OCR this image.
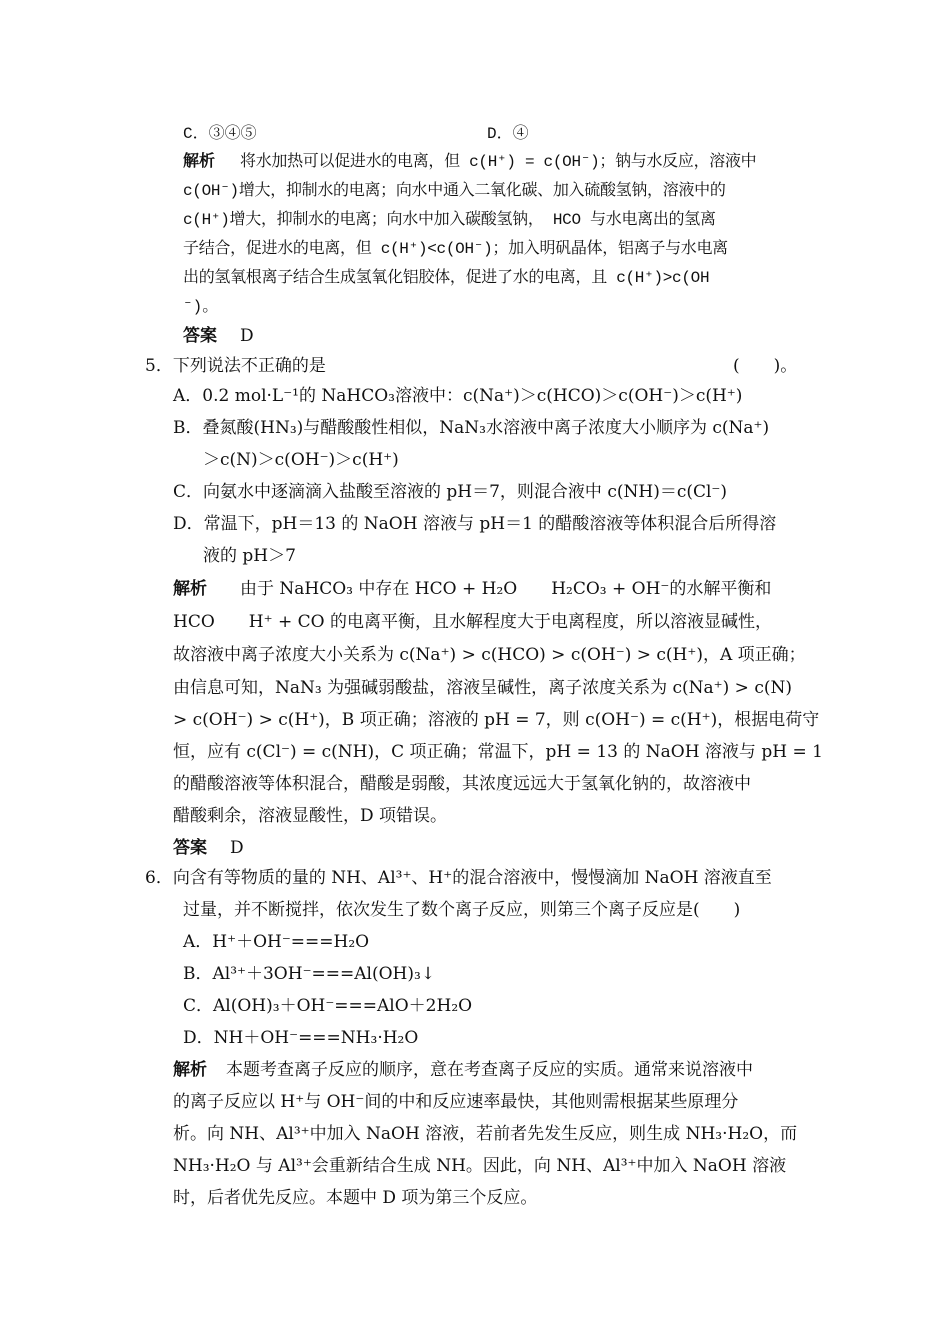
C．③④⑤	D．④
解析 将水加热可以促进水的电离，但 c(H⁺) = c(OH⁻)；钠与水反应，溶液中
c(OH⁻)增大，抑制水的电离；向水中通入二氧化碳、加入硫酸氢钠，溶液中的
c(H⁺)增大，抑制水的电离；向水中加入碳酸氢钠， HCO 与水电离出的氢离
子结合，促进水的电离，但 c(H⁺)<c(OH⁻)；加入明矾晶体，铝离子与水电离
出的氢氧根离子结合生成氢氧化铝胶体，促进了水的电离，且 c(H⁺)>c(OH
⁻)。
答案 D
5．下列说法不正确的是	(　　)。
A．0.2 mol·L⁻¹的 NaHCO₃溶液中：c(Na⁺)＞c(HCO)＞c(OH⁻)＞c(H⁺)
B．叠氮酸(HN₃)与醋酸酸性相似，NaN₃水溶液中离子浓度大小顺序为 c(Na⁺)
＞c(N)＞c(OH⁻)＞c(H⁺)
C．向氨水中逐滴滴入盐酸至溶液的 pH＝7，则混合液中 c(NH)＝c(Cl⁻)
D．常温下，pH＝13 的 NaOH 溶液与 pH＝1 的醋酸溶液等体积混合后所得溶
液的 pH＞7
解析 由于 NaHCO₃ 中存在 HCO + H₂O　　H₂CO₃ + OH⁻的水解平衡和
HCO　　H⁺ + CO 的电离平衡，且水解程度大于电离程度，所以溶液显碱性，
故溶液中离子浓度大小关系为 c(Na⁺) > c(HCO) > c(OH⁻) > c(H⁺)，A 项正确；
由信息可知，NaN₃ 为强碱弱酸盐，溶液呈碱性，离子浓度关系为 c(Na⁺) > c(N)
> c(OH⁻) > c(H⁺)，B 项正确；溶液的 pH = 7，则 c(OH⁻) = c(H⁺)，根据电荷守
恒，应有 c(Cl⁻) = c(NH)，C 项正确；常温下，pH = 13 的 NaOH 溶液与 pH = 1
的醋酸溶液等体积混合，醋酸是弱酸，其浓度远远大于氢氧化钠的，故溶液中
醋酸剩余，溶液显酸性，D 项错误。
答案 D
6．向含有等物质的量的 NH、Al³⁺、H⁺的混合溶液中，慢慢滴加 NaOH 溶液直至
过量，并不断搅拌，依次发生了数个离子反应，则第三个离子反应是(　　)
A．H⁺＋OH⁻===H₂O
B．Al³⁺＋3OH⁻===Al(OH)₃↓
C．Al(OH)₃＋OH⁻===AlO＋2H₂O
D．NH＋OH⁻===NH₃·H₂O
解析 本题考查离子反应的顺序，意在考查离子反应的实质。通常来说溶液中
的离子反应以 H⁺与 OH⁻间的中和反应速率最快，其他则需根据某些原理分
析。向 NH、Al³⁺中加入 NaOH 溶液，若前者先发生反应，则生成 NH₃·H₂O，而
NH₃·H₂O 与 Al³⁺会重新结合生成 NH。因此，向 NH、Al³⁺中加入 NaOH 溶液
时，后者优先反应。本题中 D 项为第三个反应。
